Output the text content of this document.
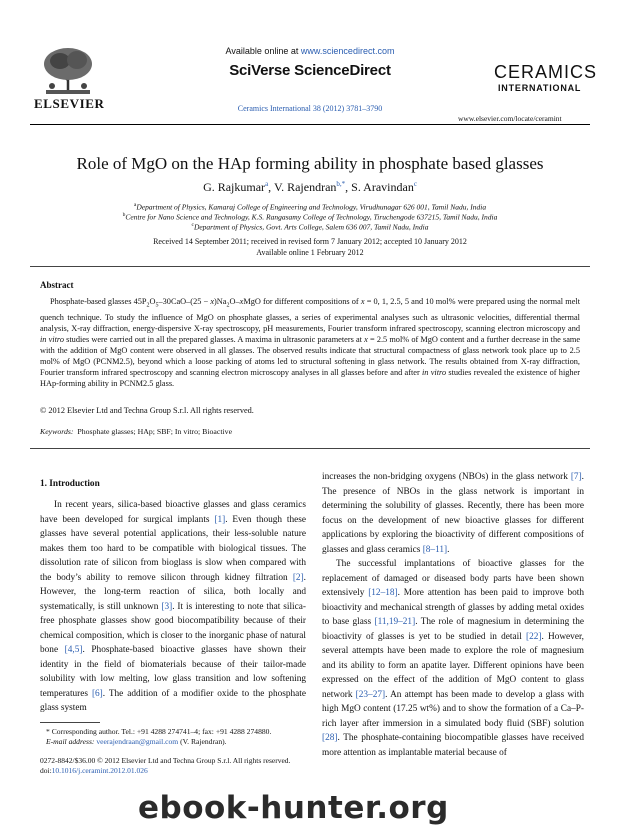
ELSEVIER
Available online at www.sciencedirect.com
SciVerse ScienceDirect
Ceramics International 38 (2012) 3781–3790
CERAMICS
INTERNATIONAL
www.elsevier.com/locate/ceramint
Role of MgO on the HAp forming ability in phosphate based glasses
G. Rajkumar$^a$, V. Rajendran$^{b,*}$, S. Aravindan$^c$
$^a$Department of Physics, Kamaraj College of Engineering and Technology, Virudhunagar 626 001, Tamil Nadu, India
$^b$Centre for Nano Science and Technology, K.S. Rangasamy College of Technology, Tiruchengode 637215, Tamil Nadu, India
$^c$Department of Physics, Govt. Arts College, Salem 636 007, Tamil Nadu, India
Received 14 September 2011; received in revised form 7 January 2012; accepted 10 January 2012
Available online 1 February 2012
Abstract
Phosphate-based glasses $45P_2O_5-30CaO-(25$ − $x)Na_2O$–xMgO for different compositions of x = 0, 1, 2.5, 5 and 10 mol% were prepared using the normal melt quench technique. To study the influence of MgO on phosphate glasses, a series of experimental analyses such as ultrasonic velocities, differential thermal analysis, X-ray diffraction, energy-dispersive X-ray spectroscopy, pH measurements, Fourier transform infrared spectroscopy, scanning electron microscopy and in vitro studies were carried out in all the prepared glasses. A maxima in ultrasonic parameters at x = 2.5 mol% of MgO content and a further decrease in the same with the addition of MgO content were observed in all glasses. The observed results indicate that structural compactness of glass network took place up to 2.5 mol% of MgO (PCNM2.5), beyond which a loose packing of atoms led to structural softening in glass network. The results obtained from X-ray diffraction, Fourier transform infrared spectroscopy and scanning electron microscopy analyses in all glasses before and after in vitro studies revealed the existence of higher HAp-forming ability in PCNM2.5 glass.
© 2012 Elsevier Ltd and Techna Group S.r.l. All rights reserved.
Keywords: Phosphate glasses; HAp; SBF; In vitro; Bioactive
1. Introduction

In recent years, silica-based bioactive glasses and glass ceramics have been developed for surgical implants [1]. Even though these glasses have several potential applications, their less-soluble nature makes them too hard to be compatible with biological tissues. The dissolution rate of silicon from bioglass is slow when compared with the body’s ability to remove silicon through kidney filtration [2]. However, the long-term reaction of silica, both locally and systematically, is still unknown [3]. It is interesting to note that silica-free phosphate glasses show good biocompatibility because of their chemical composition, which is closer to the inorganic phase of natural bone [4,5]. Phosphate-based bioactive glasses have shown their identity in the field of biomaterials because of their tailor-made solubility with low melting, low glass transition and low softening temperatures [6]. The addition of a modifier oxide to the phosphate glass system

* Corresponding author. Tel.: +91 4288 274741–4; fax: +91 4288 274880.
E-mail address: veerajendraan@gmail.com (V. Rajendran).
0272-8842/$36.00 © 2012 Elsevier Ltd and Techna Group S.r.l. All rights reserved.
doi:10.1016/j.ceramint.2012.01.026

increases the non-bridging oxygens (NBOs) in the glass network [7]. The presence of NBOs in the glass network is important in determining the solubility of glasses. Recently, there has been more focus on the development of new bioactive glasses for different applications by exploring the bioactivity of different compositions of glasses and glass ceramics [8–11].

The successful implantations of bioactive glasses for the replacement of damaged or diseased body parts have been shown extensively [12–18]. More attention has been paid to improve both bioactivity and mechanical strength of glasses by adding metal oxides to base glass [11,19–21]. The role of magnesium in determining the bioactivity of glasses is yet to be studied in detail [22]. However, several attempts have been made to explore the role of magnesium and its ability to form an apatite layer. Different opinions have been expressed on the effect of the addition of MgO content to glass network [23–27]. An attempt has been made to develop a glass with high MgO content (17.25 wt%) and to show the formation of a Ca–P-rich layer after immersion in a simulated body fluid (SBF) solution [28]. The phosphate-containing biocompatible glasses have received more attention as implantable material because of

ebook-hunter.org
